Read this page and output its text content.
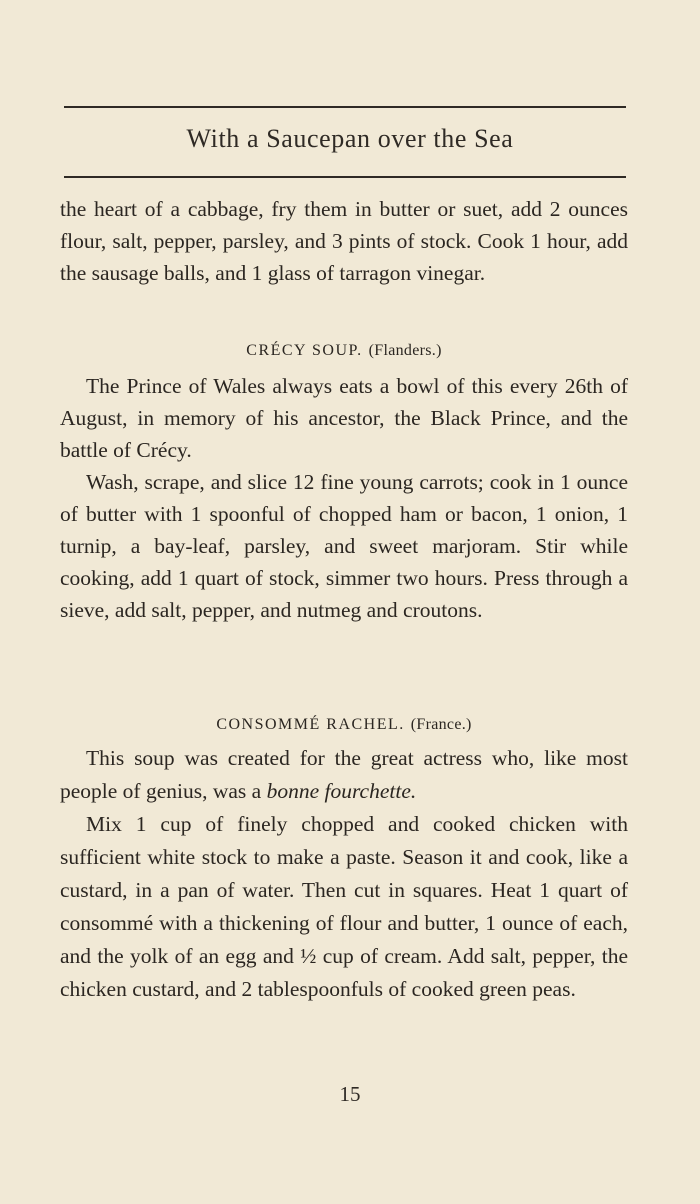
With a Saucepan over the Sea

the heart of a cabbage, fry them in butter or suet, add 2 ounces flour, salt, pepper, parsley, and 3 pints of stock. Cook 1 hour, add the sausage balls, and 1 glass of tarragon vinegar.

CRÉCY SOUP. (Flanders.)

The Prince of Wales always eats a bowl of this every 26th of August, in memory of his ancestor, the Black Prince, and the battle of Crécy.

Wash, scrape, and slice 12 fine young carrots; cook in 1 ounce of butter with 1 spoonful of chopped ham or bacon, 1 onion, 1 turnip, a bay-leaf, parsley, and sweet marjoram. Stir while cooking, add 1 quart of stock, simmer two hours. Press through a sieve, add salt, pepper, and nutmeg and croutons.

CONSOMMÉ RACHEL. (France.)

This soup was created for the great actress who, like most people of genius, was a bonne fourchette.

Mix 1 cup of finely chopped and cooked chicken with sufficient white stock to make a paste. Season it and cook, like a custard, in a pan of water. Then cut in squares. Heat 1 quart of consommé with a thickening of flour and butter, 1 ounce of each, and the yolk of an egg and ½ cup of cream. Add salt, pepper, the chicken custard, and 2 tablespoonfuls of cooked green peas.

15
